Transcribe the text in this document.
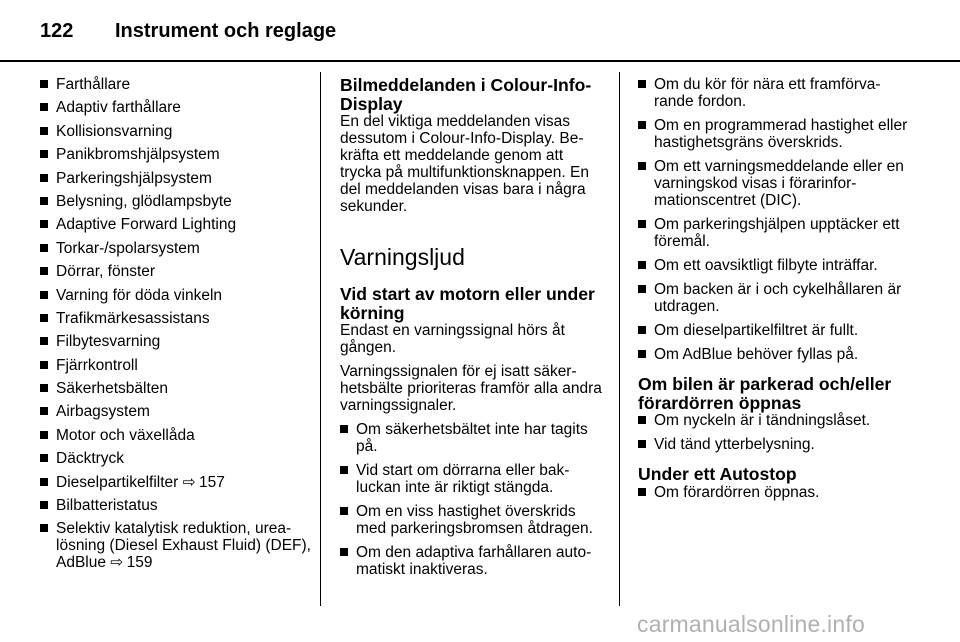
122 Instrument och reglage
Farthållare
Adaptiv farthållare
Kollisionsvarning
Panikbromshjälpsystem
Parkeringshjälpsystem
Belysning, glödlampsbyte
Adaptive Forward Lighting
Torkar-/spolarsystem
Dörrar, fönster
Varning för döda vinkeln
Trafikmärkesassistans
Filbytesvarning
Fjärrkontroll
Säkerhetsbälten
Airbagsystem
Motor och växellåda
Däcktryck
Dieselpartikelfilter ⇨ 157
Bilbatteristatus
Selektiv katalytisk reduktion, urea-lösning (Diesel Exhaust Fluid) (DEF), AdBlue ⇨ 159
Bilmeddelanden i Colour-Info-Display

En del viktiga meddelanden visas dessutom i Colour-Info-Display. Be-kräfta ett meddelande genom att trycka på multifunktionsknappen. En del meddelanden visas bara i några sekunder.

Varningsljud
Vid start av motorn eller under körning

Endast en varningssignal hörs åt gången.

Varningssignalen för ej isatt säker-hetsbälte prioriteras framför alla andra varningssignaler.

Om säkerhetsbältet inte har tagits på.
Vid start om dörrarna eller bak-luckan inte är riktigt stängda.
Om en viss hastighet överskrids med parkeringsbromsen åtdragen.
Om den adaptiva farhållaren auto-matiskt inaktiveras.
Om du kör för nära ett framförva-rande fordon.
Om en programmerad hastighet eller hastighetsgräns överskrids.
Om ett varningsmeddelande eller en varningskod visas i förarinfor-mationscentret (DIC).
Om parkeringshjälpen upptäcker ett föremål.
Om ett oavsiktligt filbyte inträffar.
Om backen är i och cykelhållaren är utdragen.
Om dieselpartikelfiltret är fullt.
Om AdBlue behöver fyllas på.
Om bilen är parkerad och/eller förardörren öppnas
Om nyckeln är i tändningslåset.
Vid tänd ytterbelysning.
Under ett Autostop
Om förardörren öppnas.
carmanualsonline.info
